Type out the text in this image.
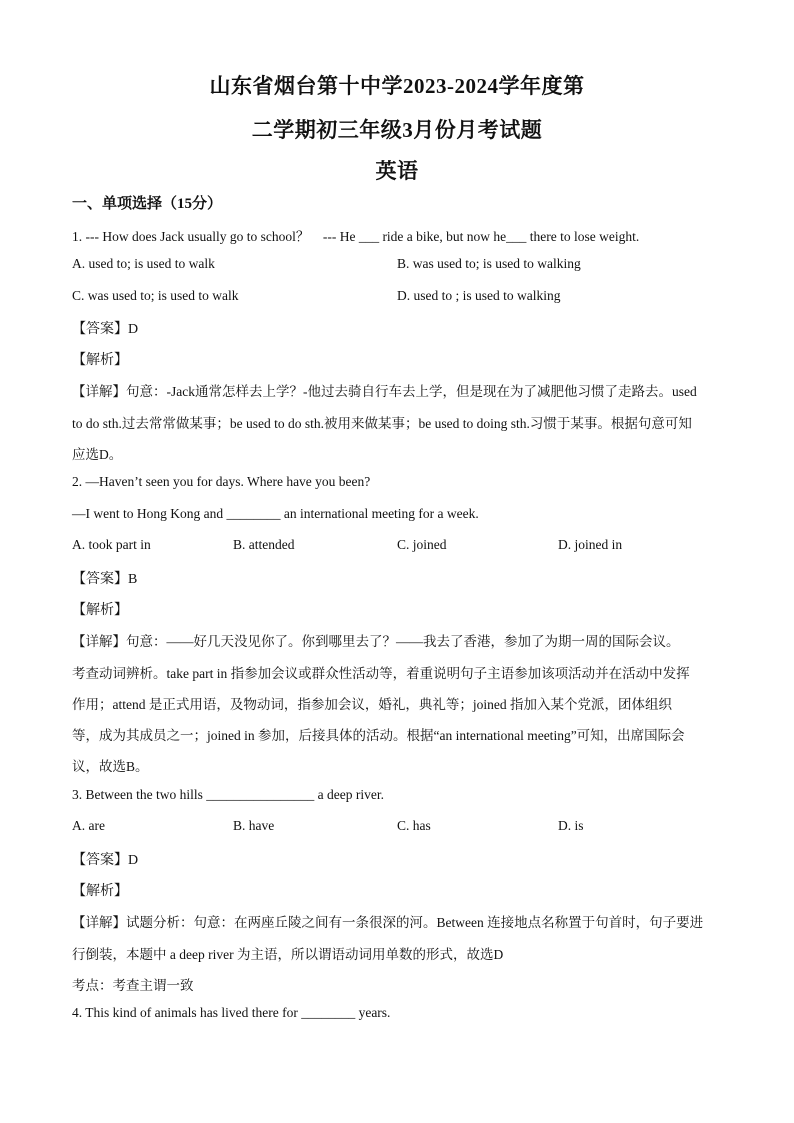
山东省烟台第十中学2023-2024学年度第
二学期初三年级3月份月考试题
英语
一、单项选择（15分）
1. --- How does Jack usually go to school？　--- He ___ ride a bike, but now he___ there to lose weight.
A. used to; is used to walk	B. was used to; is used to walking
C. was used to; is used to walk	D. used to ; is used to walking
【答案】D
【解析】
【详解】句意：-Jack通常怎样去上学？-他过去骑自行车去上学，但是现在为了减肥他习惯了走路去。used
to do sth.过去常常做某事；be used to do sth.被用来做某事；be used to doing sth.习惯于某事。根据句意可知
应选D。
2. —Haven’t seen you for days. Where have you been?
—I went to Hong Kong and ________ an international meeting for a week.
A. took part in	B. attended	C. joined	D. joined in
【答案】B
【解析】
【详解】句意：——好几天没见你了。你到哪里去了？——我去了香港，参加了为期一周的国际会议。
考查动词辨析。take part in 指参加会议或群众性活动等，着重说明句子主语参加该项活动并在活动中发挥
作用；attend 是正式用语，及物动词，指参加会议，婚礼，典礼等；joined 指加入某个党派，团体组织
等，成为其成员之一；joined in 参加，后接具体的活动。根据“an international meeting”可知，出席国际会
议，故选B。
3. Between the two hills ________________ a deep river.
A. are	B. have	C. has	D. is
【答案】D
【解析】
【详解】试题分析：句意：在两座丘陵之间有一条很深的河。Between 连接地点名称置于句首时，句子要进
行倒装，本题中 a deep river 为主语，所以谓语动词用单数的形式，故选D
考点：考查主谓一致
4. This kind of animals has lived there for ________ years.
